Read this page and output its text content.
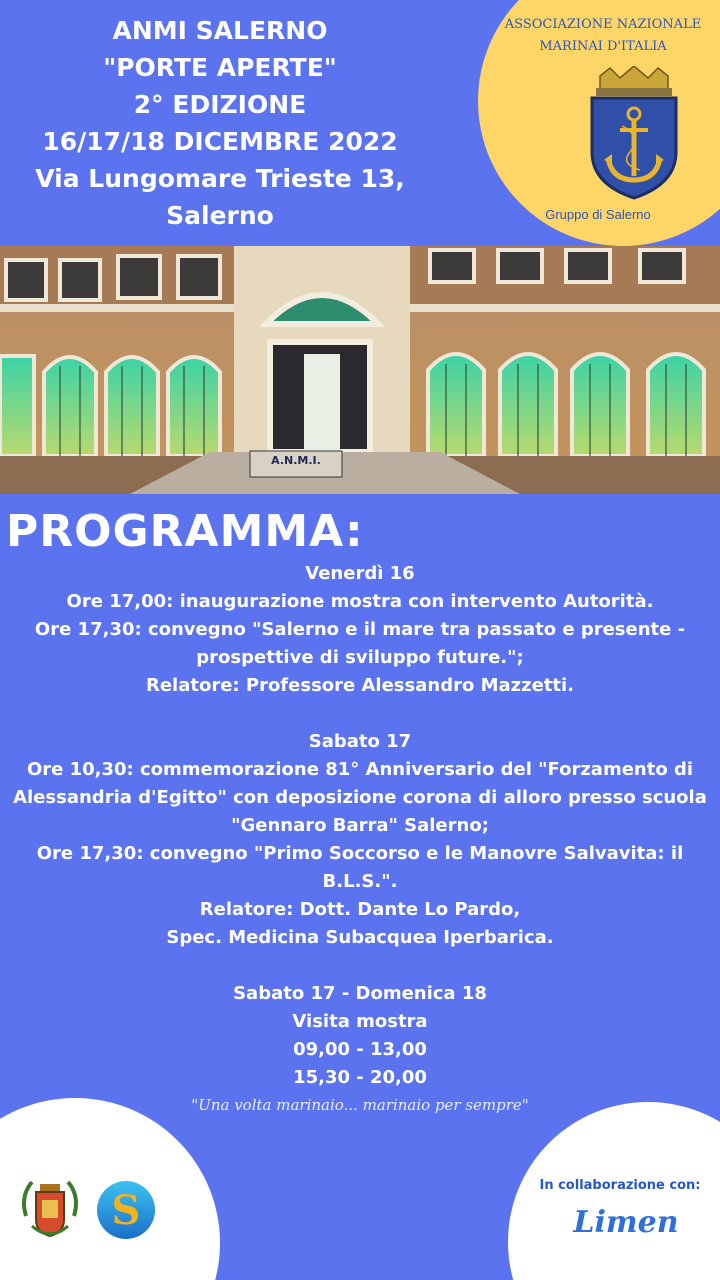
ANMI SALERNO
"PORTE APERTE"
2° EDIZIONE
16/17/18 DICEMBRE 2022
Via Lungomare Trieste 13,
Salerno
ASSOCIAZIONE NAZIONALE
MARINAI D'ITALIA
Gruppo di Salerno
A.N.M.I.
PROGRAMMA:
Venerdì 16
Ore 17,00: inaugurazione mostra con intervento Autorità.
Ore 17,30: convegno "Salerno e il mare tra passato e presente -
prospettive di sviluppo future.";
Relatore: Professore Alessandro Mazzetti.
Sabato 17
Ore 10,30: commemorazione 81° Anniversario del "Forzamento di
Alessandria d'Egitto" con deposizione corona di alloro presso scuola
"Gennaro Barra" Salerno;
Ore 17,30: convegno "Primo Soccorso e le Manovre Salvavita: il B.L.S.".
Relatore: Dott. Dante Lo Pardo,
Spec. Medicina Subacquea Iperbarica.
Sabato 17 - Domenica 18
Visita mostra
09,00 - 13,00
15,30 - 20,00
"Una volta marinaio... marinaio per sempre"
S
In collaborazione con:
Limen
